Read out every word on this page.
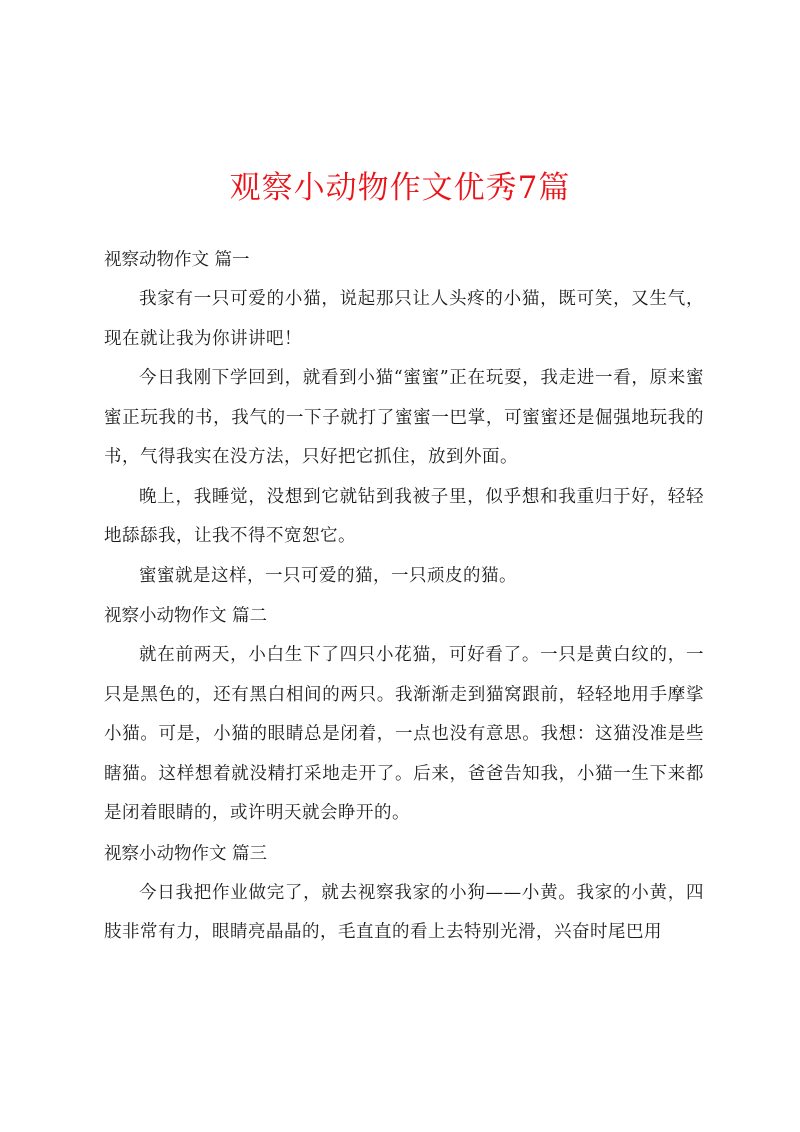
观察小动物作文优秀7篇

视察动物作文 篇一

我家有一只可爱的小猫，说起那只让人头疼的小猫，既可笑，又生气，现在就让我为你讲讲吧！

今日我刚下学回到，就看到小猫“蜜蜜”正在玩耍，我走进一看，原来蜜蜜正玩我的书，我气的一下子就打了蜜蜜一巴掌，可蜜蜜还是倔强地玩我的书，气得我实在没方法，只好把它抓住，放到外面。

晚上，我睡觉，没想到它就钻到我被子里，似乎想和我重归于好，轻轻地舔舔我，让我不得不宽恕它。

蜜蜜就是这样，一只可爱的猫，一只顽皮的猫。

视察小动物作文 篇二

就在前两天，小白生下了四只小花猫，可好看了。一只是黄白纹的，一只是黑色的，还有黑白相间的两只。我渐渐走到猫窝跟前，轻轻地用手摩挲小猫。可是，小猫的眼睛总是闭着，一点也没有意思。我想：这猫没准是些瞎猫。这样想着就没精打采地走开了。后来，爸爸告知我，小猫一生下来都是闭着眼睛的，或许明天就会睁开的。

视察小动物作文 篇三

今日我把作业做完了，就去视察我家的小狗——小黄。我家的小黄，四肢非常有力，眼睛亮晶晶的，毛直直的看上去特别光滑，兴奋时尾巴用
